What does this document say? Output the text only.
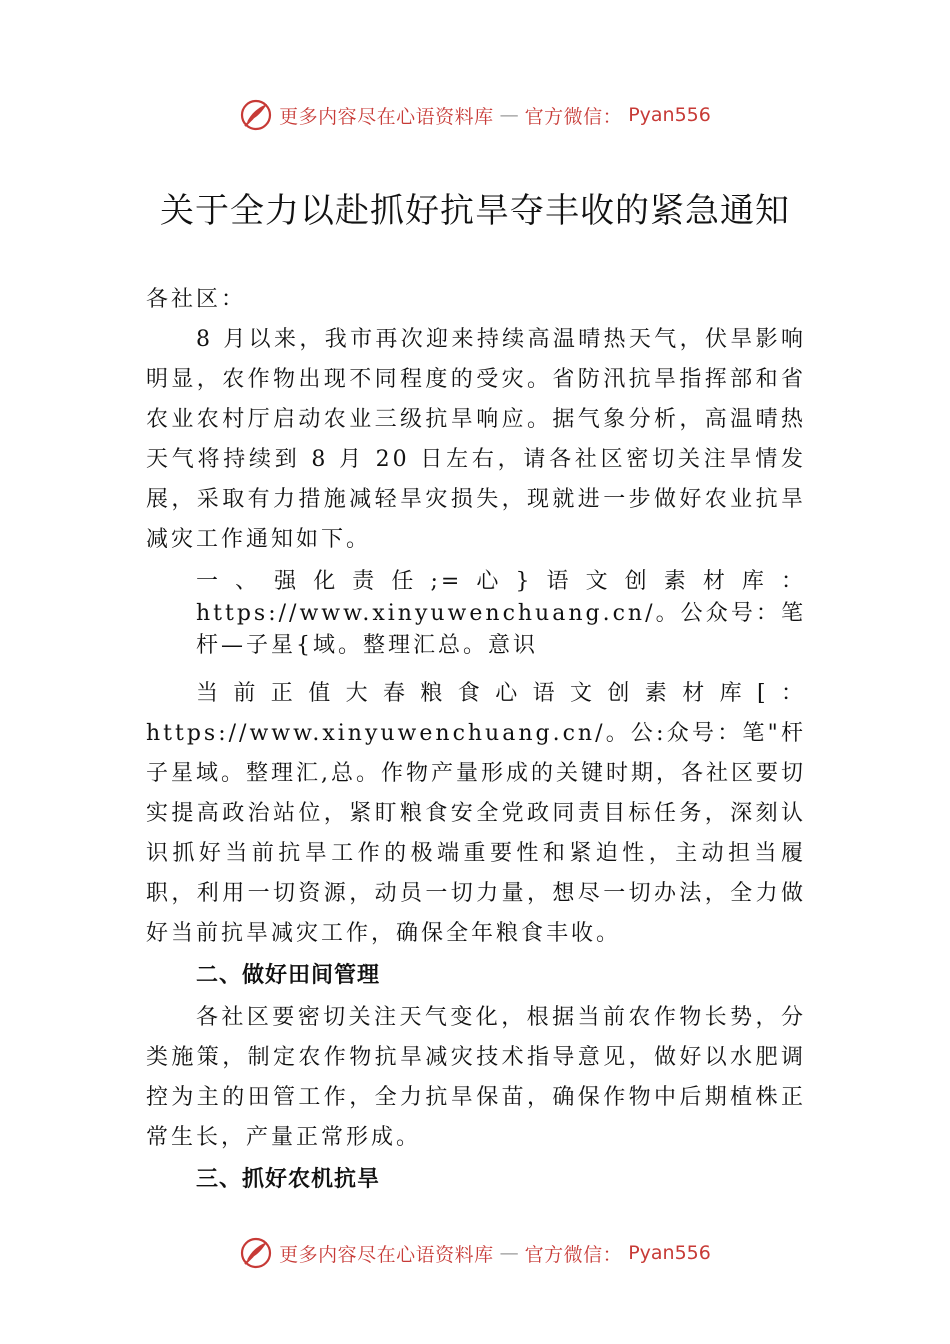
更多内容尽在心语资料库 — 官方微信： Pyan556
关于全力以赴抓好抗旱夺丰收的紧急通知

各社区：

8 月以来，我市再次迎来持续高温晴热天气，伏旱影响明显，农作物出现不同程度的受灾。省防汛抗旱指挥部和省农业农村厅启动农业三级抗旱响应。据气象分析，高温晴热天气将持续到 8 月 20 日左右，请各社区密切关注旱情发展，采取有力措施减轻旱灾损失，现就进一步做好农业抗旱减灾工作通知如下。

一、强化责任;=心}语文创素材库：https://www.xinyuwenchuang.cn/。公众号：笔杆—子星{域。整理汇总。意识

当前正值大春粮食心语文创素材库[：https://www.xinyuwenchuang.cn/。公:众号：笔"杆子星域。整理汇,总。作物产量形成的关键时期，各社区要切实提高政治站位，紧盯粮食安全党政同责目标任务，深刻认识抓好当前抗旱工作的极端重要性和紧迫性，主动担当履职，利用一切资源，动员一切力量，想尽一切办法，全力做好当前抗旱减灾工作，确保全年粮食丰收。

二、做好田间管理

各社区要密切关注天气变化，根据当前农作物长势，分类施策，制定农作物抗旱减灾技术指导意见，做好以水肥调控为主的田管工作，全力抗旱保苗，确保作物中后期植株正常生长，产量正常形成。

三、抓好农机抗旱

更多内容尽在心语资料库 — 官方微信： Pyan556
